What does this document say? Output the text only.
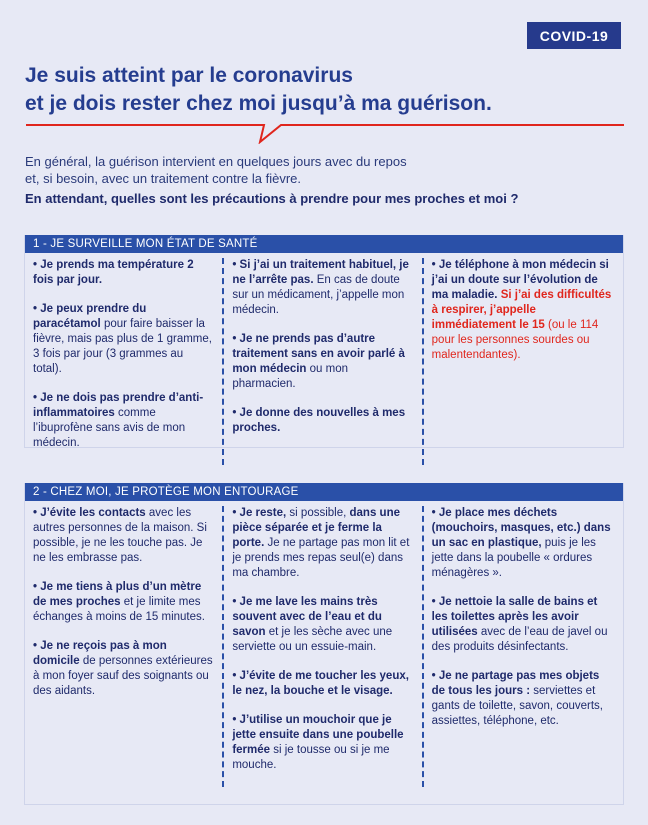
COVID-19
Je suis atteint par le coronavirus
et je dois rester chez moi jusqu’à ma guérison.

En général, la guérison intervient en quelques jours avec du repos
et, si besoin, avec un traitement contre la fièvre.

En attendant, quelles sont les précautions à prendre pour mes proches et moi ?

1 - JE SURVEILLE MON ÉTAT DE SANTÉ

• Je prends ma température 2 fois par jour.

• Je peux prendre du paracétamol pour faire baisser la fièvre, mais pas plus de 1 gramme, 3 fois par jour (3 grammes au total).

• Je ne dois pas prendre d’anti-inflammatoires comme l’ibuprofène sans avis de mon médecin.

• Si j’ai un traitement habituel, je ne l’arrête pas. En cas de doute sur un médicament, j’appelle mon médecin.

• Je ne prends pas d’autre traitement sans en avoir parlé à mon médecin ou mon pharmacien.

• Je donne des nouvelles à mes proches.

• Je téléphone à mon médecin si j’ai un doute sur l’évolution de ma maladie. Si j’ai des difficultés à respirer, j’appelle immédiatement le 15 (ou le 114 pour les personnes sourdes ou malentendantes).

2 - CHEZ MOI, JE PROTÈGE MON ENTOURAGE

• J’évite les contacts avec les autres personnes de la maison. Si possible, je ne les touche pas. Je ne les embrasse pas.

• Je me tiens à plus d’un mètre de mes proches et je limite mes échanges à moins de 15 minutes.

• Je ne reçois pas à mon domicile de personnes extérieures à mon foyer sauf des soignants ou des aidants.

• Je reste, si possible, dans une pièce séparée et je ferme la porte. Je ne partage pas mon lit et je prends mes repas seul(e) dans ma chambre.

• Je me lave les mains très souvent avec de l’eau et du savon et je les sèche avec une serviette ou un essuie-main.

• J’évite de me toucher les yeux, le nez, la bouche et le visage.

• J’utilise un mouchoir que je jette ensuite dans une poubelle fermée si je tousse ou si je me mouche.

• Je place mes déchets (mouchoirs, masques, etc.) dans un sac en plastique, puis je les jette dans la poubelle « ordures ménagères ».

• Je nettoie la salle de bains et les toilettes après les avoir utilisées avec de l’eau de javel ou des produits désinfectants.

• Je ne partage pas mes objets de tous les jours : serviettes et gants de toilette, savon, couverts, assiettes, téléphone, etc.
